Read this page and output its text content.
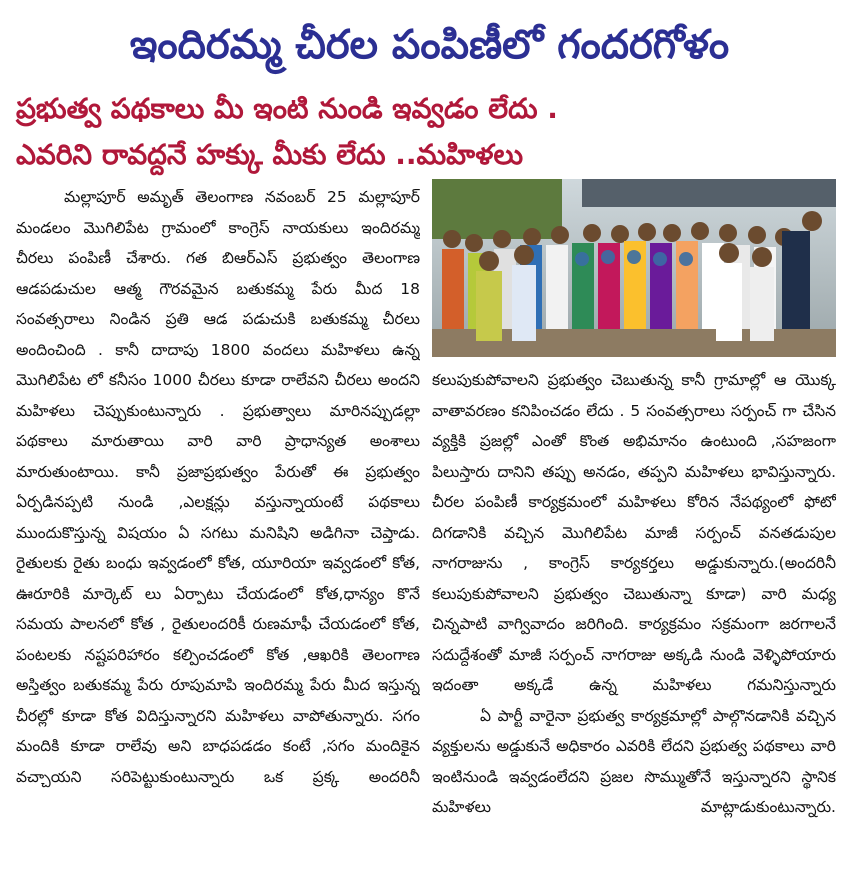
ఇందిరమ్మ చీరల పంపిణీలో గందరగోళం
ప్రభుత్వ పథకాలు మీ ఇంటి నుండి ఇవ్వడం లేదు .
ఎవరిని రావద్దనే హక్కు మీకు లేదు ..మహిళలు

మల్లాపూర్ అమృత్ తెలంగాణ నవంబర్ 25 మల్లాపూర్ మండలం మొగిలిపేట గ్రామంలో కాంగ్రెస్ నాయకులు ఇందిరమ్మ చీరలు పంపిణీ చేశారు. గత బిఆర్ఎస్ ప్రభుత్వం తెలంగాణ ఆడపడుచుల ఆత్మ గౌరవమైన బతుకమ్మ పేరు మీద 18 సంవత్సరాలు నిండిన ప్రతి ఆడ పడుచుకి బతుకమ్మ చీరలు అందించింది . కానీ దాదాపు 1800 వందలు మహిళలు ఉన్న మొగిలిపేట లో కనీసం 1000 చీరలు కూడా రాలేవని చీరలు అందని మహిళలు చెప్పుకుంటున్నారు . ప్రభుత్వాలు మారినప్పుడల్లా పథకాలు మారుతాయి వారి వారి ప్రాధాన్యత అంశాలు మారుతుంటాయి. కానీ ప్రజాప్రభుత్వం పేరుతో ఈ ప్రభుత్వం ఏర్పడినప్పటి నుండి ,ఎలక్షన్లు వస్తున్నాయంటే పథకాలు ముందుకొస్తున్న విషయం ఏ సగటు మనిషిని అడిగినా చెప్తాడు. రైతులకు రైతు బంధు ఇవ్వడంలో కోత, యూరియా ఇవ్వడంలో కోత, ఊరూరికి మార్కెట్ లు ఏర్పాటు చేయడంలో కోత,ధాన్యం కొనే సమయ పాలనలో కోత , రైతులందరికీ రుణమాఫీ చేయడంలో కోత, పంటలకు నష్టపరిహారం కల్పించడంలో కోత ,ఆఖరికి తెలంగాణ అస్తిత్వం బతుకమ్మ పేరు రూపుమాపి ఇందిరమ్మ పేరు మీద ఇస్తున్న చీరల్లో కూడా కోత విదిస్తున్నారని మహిళలు వాపోతున్నారు. సగం మందికి కూడా రాలేవు అని బాధపడడం కంటే ,సగం మందికైన వచ్చాయని సరిపెట్టుకుంటున్నారు ఒక ప్రక్క అందరినీ

కలుపుకుపోవాలని ప్రభుత్వం చెబుతున్న కానీ గ్రామాల్లో ఆ యొక్క వాతావరణం కనిపించడం లేదు . 5 సంవత్సరాలు సర్పంచ్ గా చేసిన వ్యక్తికి ప్రజల్లో ఎంతో కొంత అభిమానం ఉంటుంది ,సహజంగా పిలుస్తారు దానిని తప్పు అనడం, తప్పని మహిళలు భావిస్తున్నారు. చీరల పంపిణీ కార్యక్రమంలో మహిళలు కోరిన నేపథ్యంలో ఫోటో దిగడానికి వచ్చిన మొగిలిపేట మాజీ సర్పంచ్ వనతడుపుల నాగరాజును , కాంగ్రెస్ కార్యకర్తలు అడ్డుకున్నారు.(అందరినీ కలుపుకుపోవాలని ప్రభుత్వం చెబుతున్నా కూడా) వారి మధ్య చిన్నపాటి వాగ్వివాదం జరిగింది. కార్యక్రమం సక్రమంగా జరగాలనే సదుద్దేశంతో మాజీ సర్పంచ్ నాగరాజు అక్కడి నుండి వెళ్ళిపోయారు ఇదంతా అక్కడే ఉన్న మహిళలు గమనిస్తున్నారు

ఏ పార్టీ వారైనా ప్రభుత్వ కార్యక్రమాల్లో పాల్గొనడానికి వచ్చిన వ్యక్తులను అడ్డుకునే అధికారం ఎవరికి లేదని ప్రభుత్వ పథకాలు వారి ఇంటినుండి ఇవ్వడంలేదని ప్రజల సొమ్ముతోనే ఇస్తున్నారని స్థానిక మహిళలు మాట్లాడుకుంటున్నారు.
